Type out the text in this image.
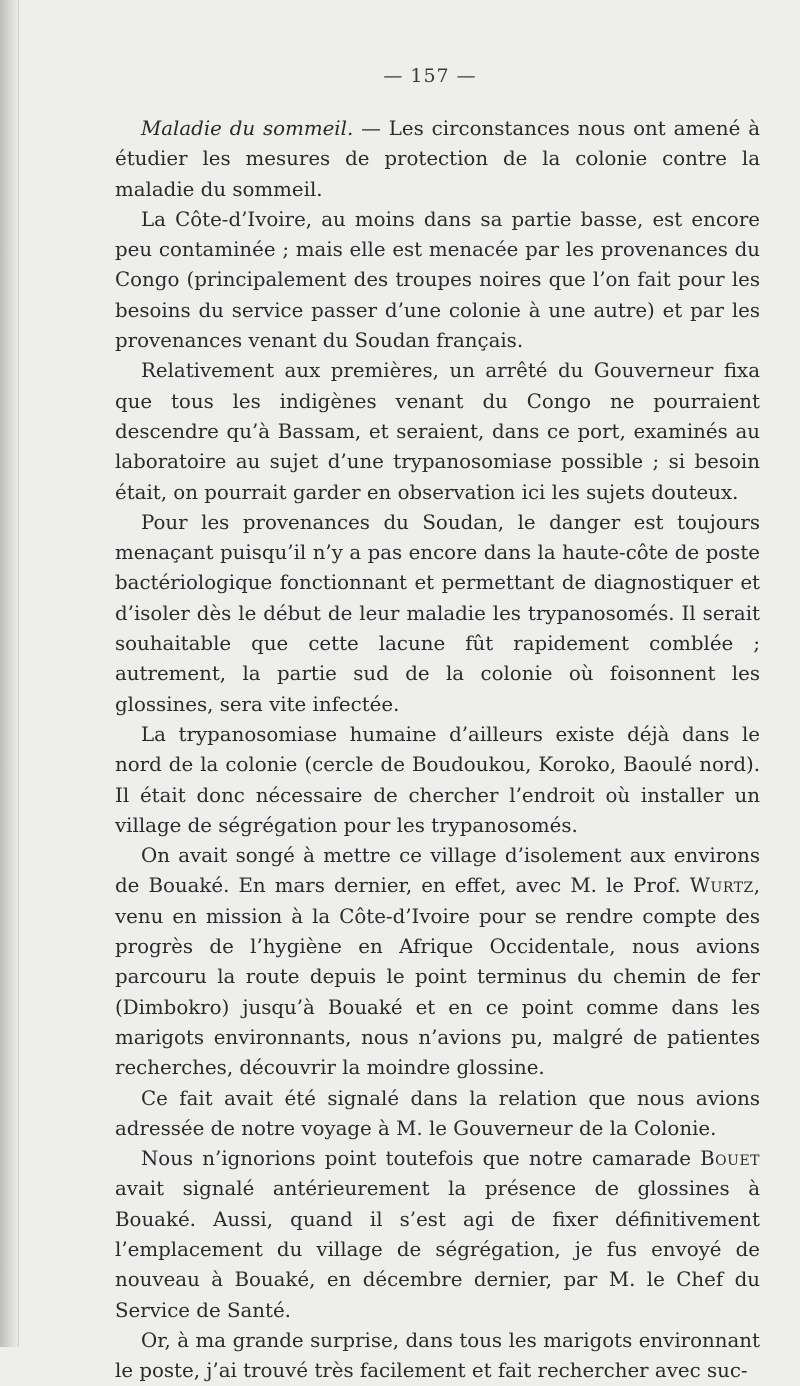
— 157 —

Maladie du sommeil. — Les circonstances nous ont amené à étudier les mesures de protection de la colonie contre la maladie du sommeil.

La Côte-d’Ivoire, au moins dans sa partie basse, est encore peu contaminée ; mais elle est menacée par les provenances du Congo (principalement des troupes noires que l’on fait pour les besoins du service passer d’une colonie à une autre) et par les provenances venant du Soudan français.

Relativement aux premières, un arrêté du Gouverneur fixa que tous les indigènes venant du Congo ne pourraient descendre qu’à Bassam, et seraient, dans ce port, examinés au laboratoire au sujet d’une trypanosomiase possible ; si besoin était, on pourrait garder en observation ici les sujets douteux.

Pour les provenances du Soudan, le danger est toujours menaçant puisqu’il n’y a pas encore dans la haute-côte de poste bactériologique fonctionnant et permettant de diagnostiquer et d’isoler dès le début de leur maladie les trypanosomés. Il serait souhaitable que cette lacune fût rapidement comblée ; autrement, la partie sud de la colonie où foisonnent les glossines, sera vite infectée.

La trypanosomiase humaine d’ailleurs existe déjà dans le nord de la colonie (cercle de Boudoukou, Koroko, Baoulé nord). Il était donc nécessaire de chercher l’endroit où installer un village de ségrégation pour les trypanosomés.

On avait songé à mettre ce village d’isolement aux environs de Bouaké. En mars dernier, en effet, avec M. le Prof. Wurtz, venu en mission à la Côte-d’Ivoire pour se rendre compte des progrès de l’hygiène en Afrique Occidentale, nous avions parcouru la route depuis le point terminus du chemin de fer (Dimbokro) jusqu’à Bouaké et en ce point comme dans les marigots environnants, nous n’avions pu, malgré de patientes recherches, découvrir la moindre glossine.

Ce fait avait été signalé dans la relation que nous avions adressée de notre voyage à M. le Gouverneur de la Colonie.

Nous n’ignorions point toutefois que notre camarade Bouet avait signalé antérieurement la présence de glossines à Bouaké. Aussi, quand il s’est agi de fixer définitivement l’emplacement du village de ségrégation, je fus envoyé de nouveau à Bouaké, en décembre dernier, par M. le Chef du Service de Santé.

Or, à ma grande surprise, dans tous les marigots environnant le poste, j’ai trouvé très facilement et fait rechercher avec suc-
